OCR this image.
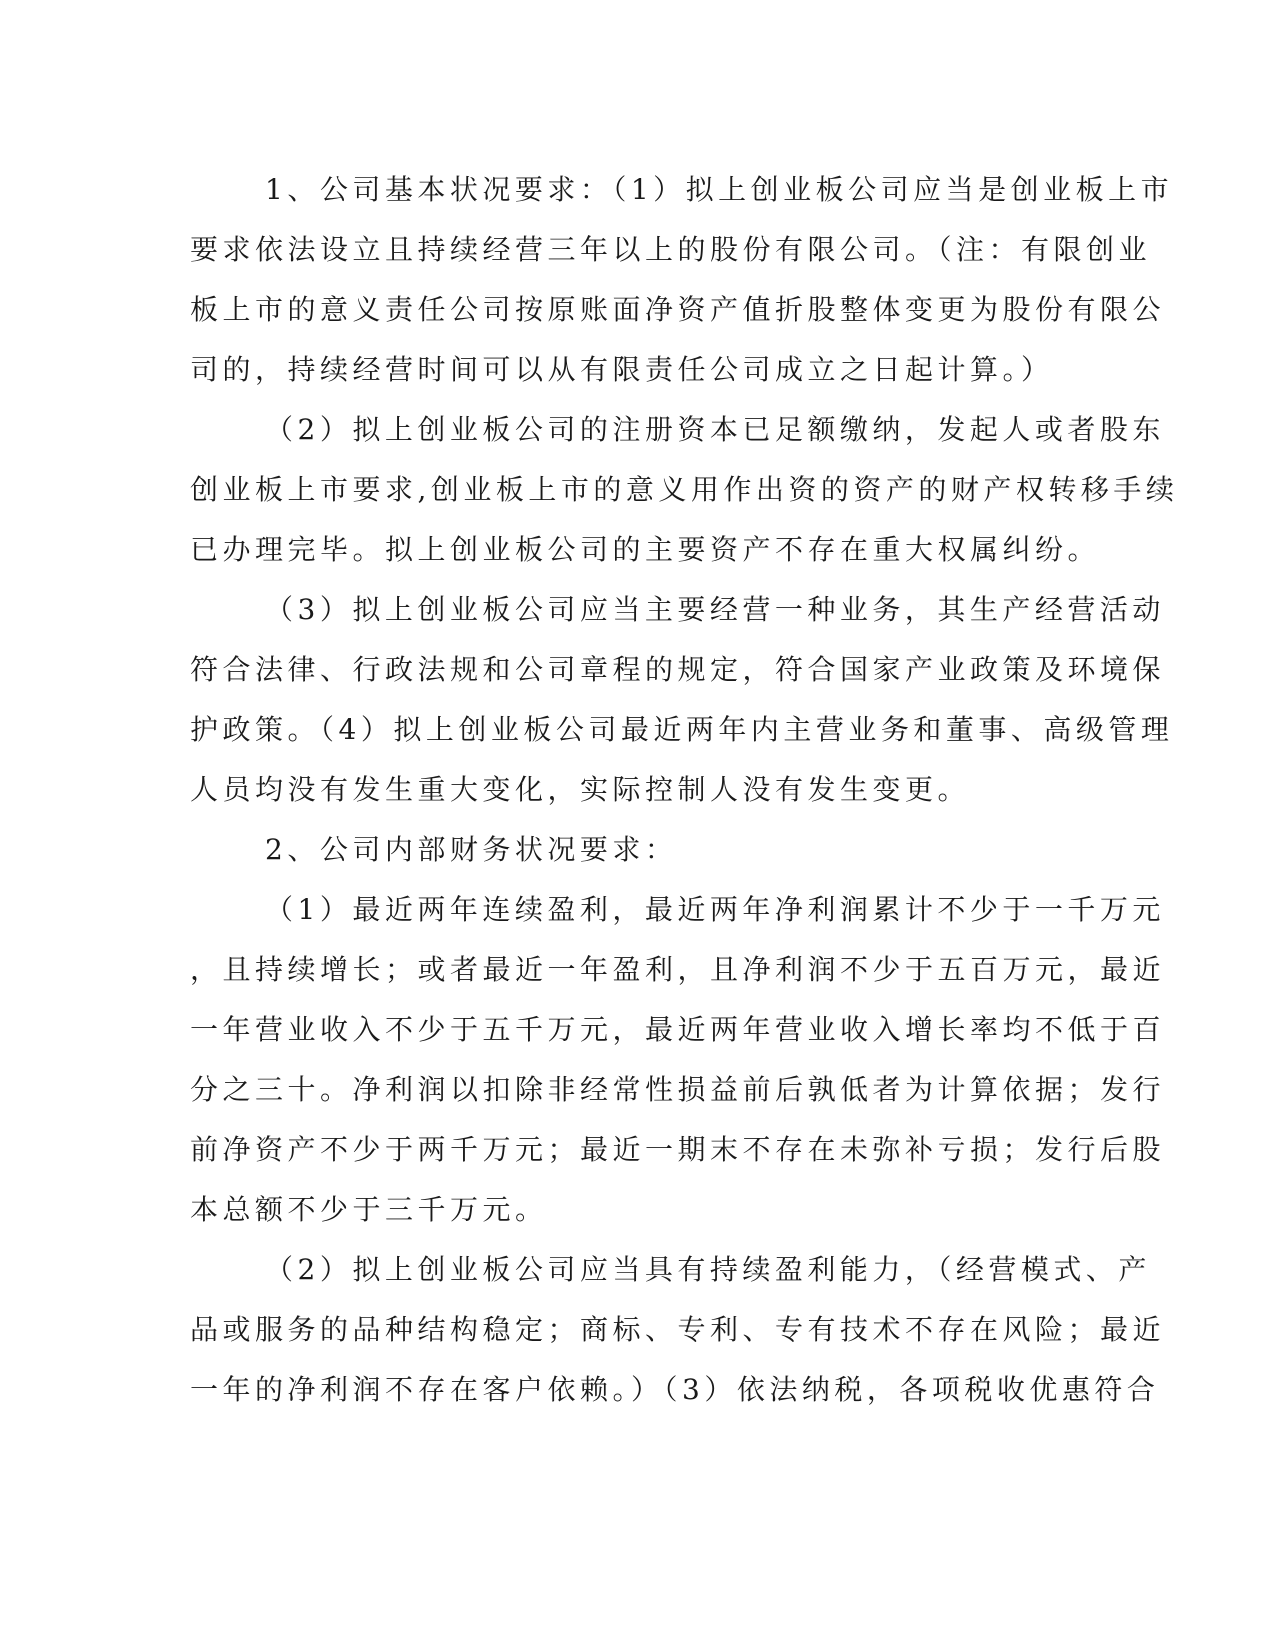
1、公司基本状况要求：（1）拟上创业板公司应当是创业板上市
要求依法设立且持续经营三年以上的股份有限公司。（注：有限创业
板上市的意义责任公司按原账面净资产值折股整体变更为股份有限公
司的，持续经营时间可以从有限责任公司成立之日起计算。）
（2）拟上创业板公司的注册资本已足额缴纳，发起人或者股东
创业板上市要求,创业板上市的意义用作出资的资产的财产权转移手续
已办理完毕。拟上创业板公司的主要资产不存在重大权属纠纷。
（3）拟上创业板公司应当主要经营一种业务，其生产经营活动
符合法律、行政法规和公司章程的规定，符合国家产业政策及环境保
护政策。（4）拟上创业板公司最近两年内主营业务和董事、高级管理
人员均没有发生重大变化，实际控制人没有发生变更。
2、公司内部财务状况要求：
（1）最近两年连续盈利，最近两年净利润累计不少于一千万元
，且持续增长；或者最近一年盈利，且净利润不少于五百万元，最近
一年营业收入不少于五千万元，最近两年营业收入增长率均不低于百
分之三十。净利润以扣除非经常性损益前后孰低者为计算依据；发行
前净资产不少于两千万元；最近一期末不存在未弥补亏损；发行后股
本总额不少于三千万元。
（2）拟上创业板公司应当具有持续盈利能力，（经营模式、产
品或服务的品种结构稳定；商标、专利、专有技术不存在风险；最近
一年的净利润不存在客户依赖。）（3）依法纳税，各项税收优惠符合
